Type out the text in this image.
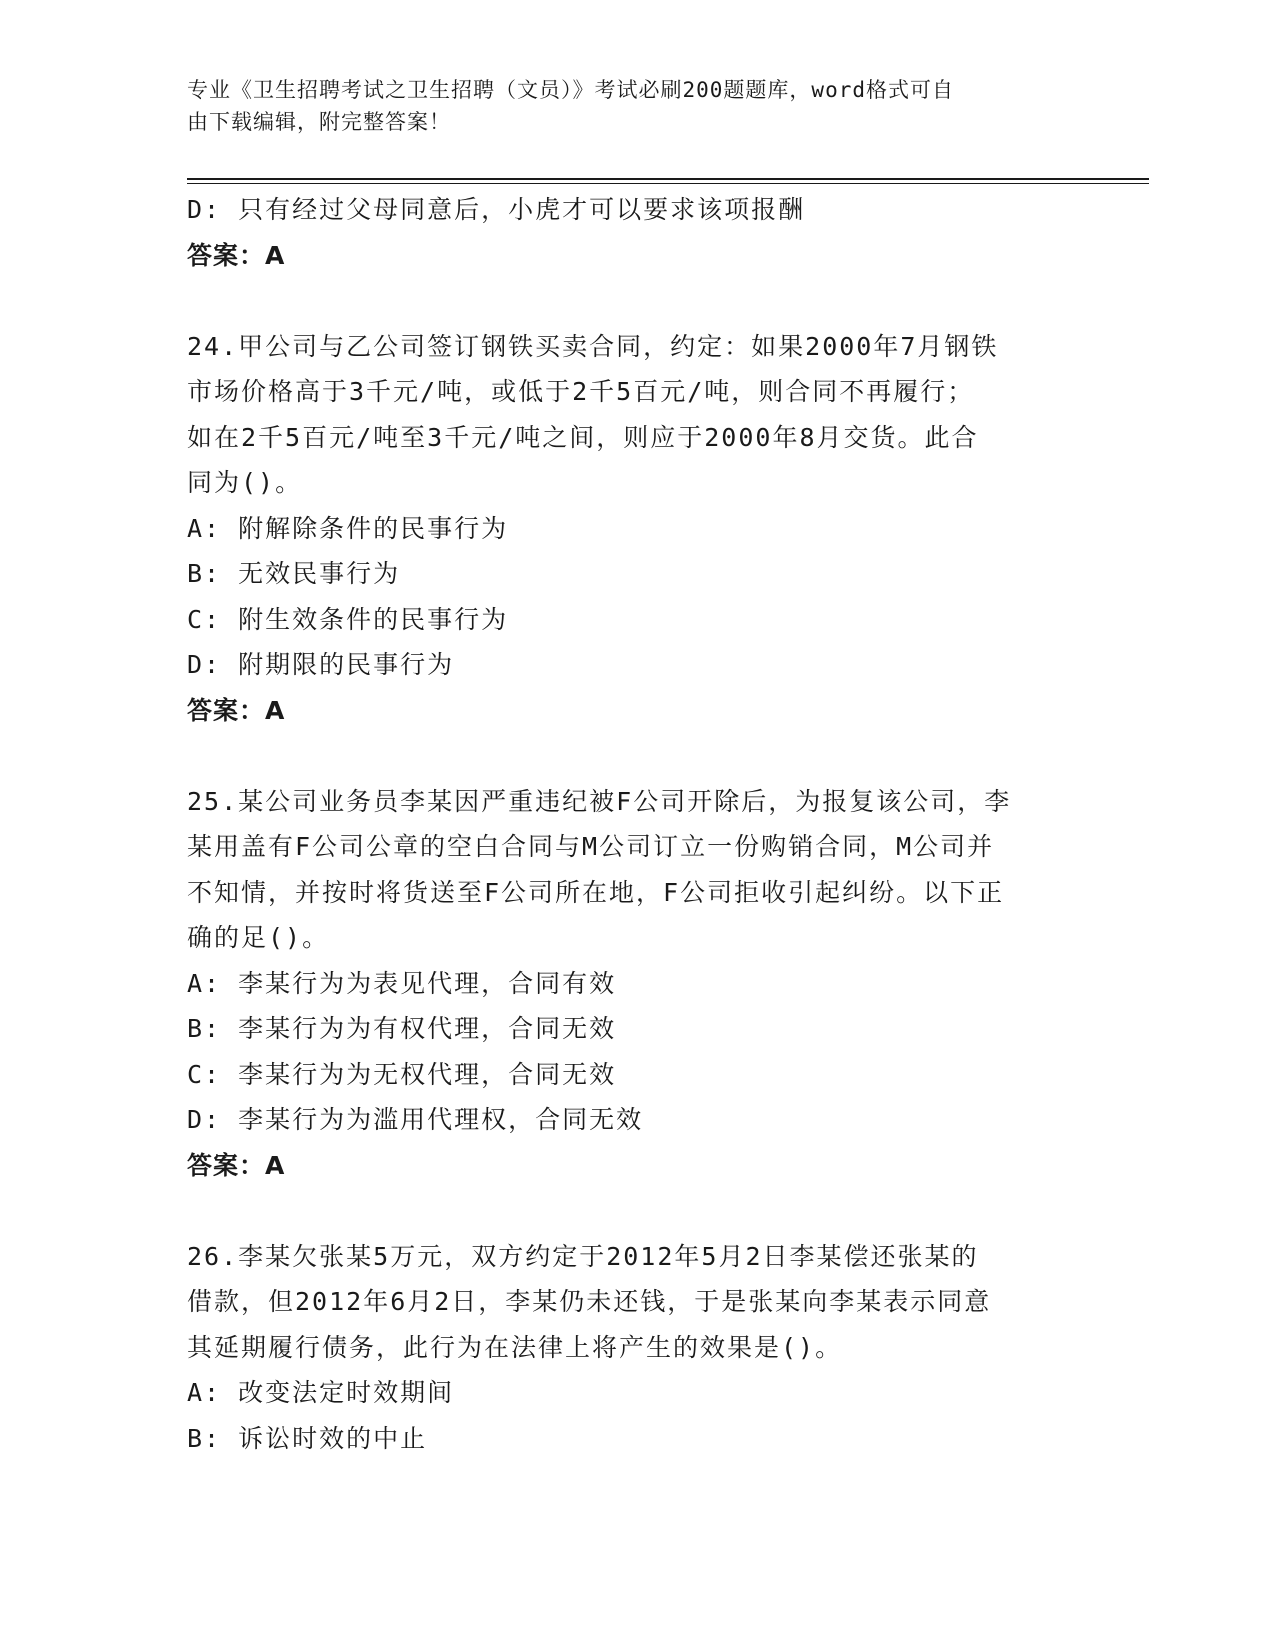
专业《卫生招聘考试之卫生招聘（文员）》考试必刷200题题库，word格式可自
由下载编辑，附完整答案！
D: 只有经过父母同意后，小虎才可以要求该项报酬
答案：A
24.甲公司与乙公司签订钢铁买卖合同，约定：如果2000年7月钢铁
市场价格高于3千元/吨，或低于2千5百元/吨，则合同不再履行；
如在2千5百元/吨至3千元/吨之间，则应于2000年8月交货。此合
同为()。
A: 附解除条件的民事行为
B: 无效民事行为
C: 附生效条件的民事行为
D: 附期限的民事行为
答案：A
25.某公司业务员李某因严重违纪被F公司开除后，为报复该公司，李
某用盖有F公司公章的空白合同与M公司订立一份购销合同，M公司并
不知情，并按时将货送至F公司所在地，F公司拒收引起纠纷。以下正
确的足()。
A: 李某行为为表见代理，合同有效
B: 李某行为为有权代理，合同无效
C: 李某行为为无权代理，合同无效
D: 李某行为为滥用代理权，合同无效
答案：A
26.李某欠张某5万元，双方约定于2012年5月2日李某偿还张某的
借款，但2012年6月2日，李某仍未还钱，于是张某向李某表示同意
其延期履行债务，此行为在法律上将产生的效果是()。
A: 改变法定时效期间
B: 诉讼时效的中止
